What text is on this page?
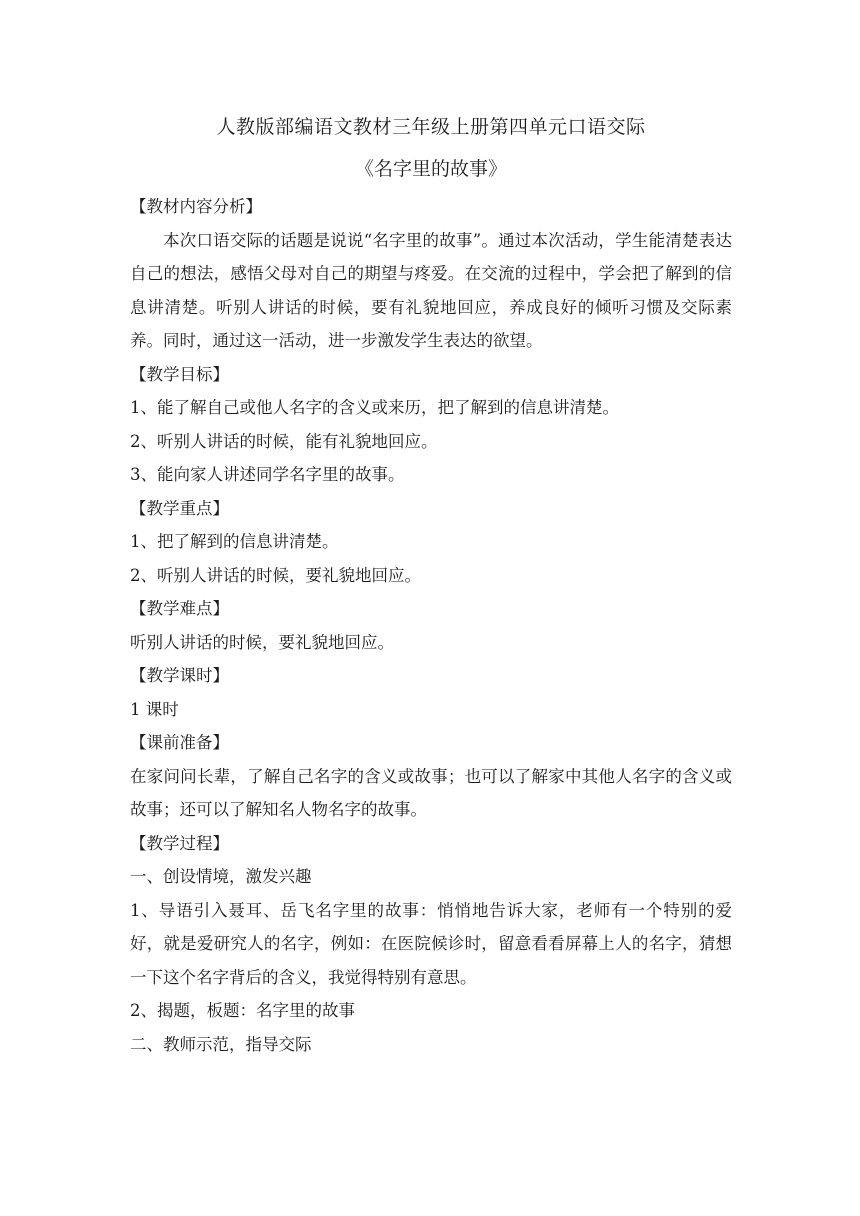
人教版部编语文教材三年级上册第四单元口语交际

《名字里的故事》

【教材内容分析】

本次口语交际的话题是说说“名字里的故事”。通过本次活动，学生能清楚表达自己的想法，感悟父母对自己的期望与疼爱。在交流的过程中，学会把了解到的信息讲清楚。听别人讲话的时候，要有礼貌地回应，养成良好的倾听习惯及交际素养。同时，通过这一活动，进一步激发学生表达的欲望。

【教学目标】

1、能了解自己或他人名字的含义或来历，把了解到的信息讲清楚。

2、听别人讲话的时候，能有礼貌地回应。

3、能向家人讲述同学名字里的故事。

【教学重点】

1、把了解到的信息讲清楚。

2、听别人讲话的时候，要礼貌地回应。

【教学难点】

听别人讲话的时候，要礼貌地回应。

【教学课时】

1 课时

【课前准备】

在家问问长辈，了解自己名字的含义或故事；也可以了解家中其他人名字的含义或故事；还可以了解知名人物名字的故事。

【教学过程】

一、创设情境，激发兴趣

1、导语引入聂耳、岳飞名字里的故事：悄悄地告诉大家，老师有一个特别的爱好，就是爱研究人的名字，例如：在医院候诊时，留意看看屏幕上人的名字，猜想一下这个名字背后的含义，我觉得特别有意思。

2、揭题，板题：名字里的故事

二、教师示范，指导交际
